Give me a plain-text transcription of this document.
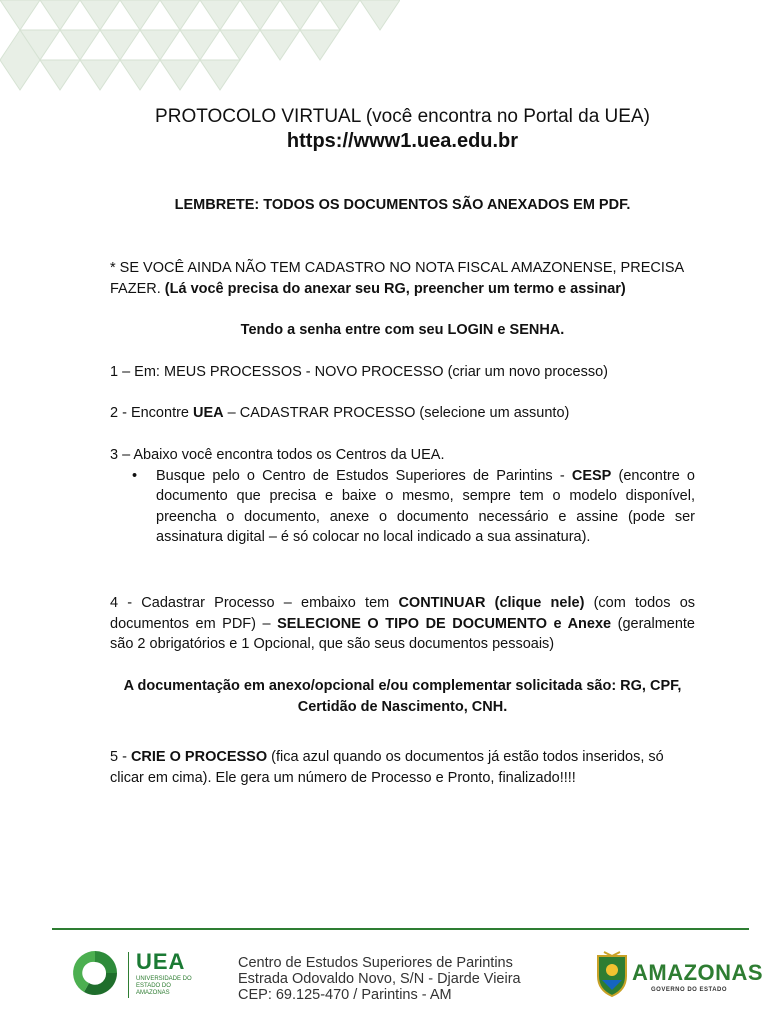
PROTOCOLO VIRTUAL (você encontra no Portal da UEA)
https://www1.uea.edu.br
LEMBRETE: TODOS OS DOCUMENTOS SÃO ANEXADOS EM PDF.
* SE VOCÊ AINDA NÃO TEM CADASTRO NO NOTA FISCAL AMAZONENSE, PRECISA FAZER. (Lá você precisa do anexar seu RG, preencher um termo e assinar)
Tendo a senha entre com seu LOGIN e SENHA.
1 – Em: MEUS PROCESSOS - NOVO PROCESSO (criar um novo processo)
2 - Encontre UEA – CADASTRAR PROCESSO (selecione um assunto)
3 – Abaixo você encontra todos os Centros da UEA.
• Busque pelo o Centro de Estudos Superiores de Parintins - CESP (encontre o documento que precisa e baixe o mesmo, sempre tem o modelo disponível, preencha o documento, anexe o documento necessário e assine (pode ser assinatura digital – é só colocar no local indicado a sua assinatura).
4 - Cadastrar Processo – embaixo tem CONTINUAR (clique nele) (com todos os documentos em PDF) – SELECIONE O TIPO DE DOCUMENTO e Anexe (geralmente são 2 obrigatórios e 1 Opcional, que são seus documentos pessoais)
A documentação em anexo/opcional e/ou complementar solicitada são: RG, CPF, Certidão de Nascimento, CNH.
5 - CRIE O PROCESSO (fica azul quando os documentos já estão todos inseridos, só clicar em cima). Ele gera um número de Processo e Pronto, finalizado!!!!
UEA
UNIVERSIDADE DO ESTADO DO AMAZONAS
Centro de Estudos Superiores de Parintins
Estrada Odovaldo Novo, S/N - Djarde Vieira
CEP: 69.125-470 / Parintins - AM
AMAZONAS
GOVERNO DO ESTADO
